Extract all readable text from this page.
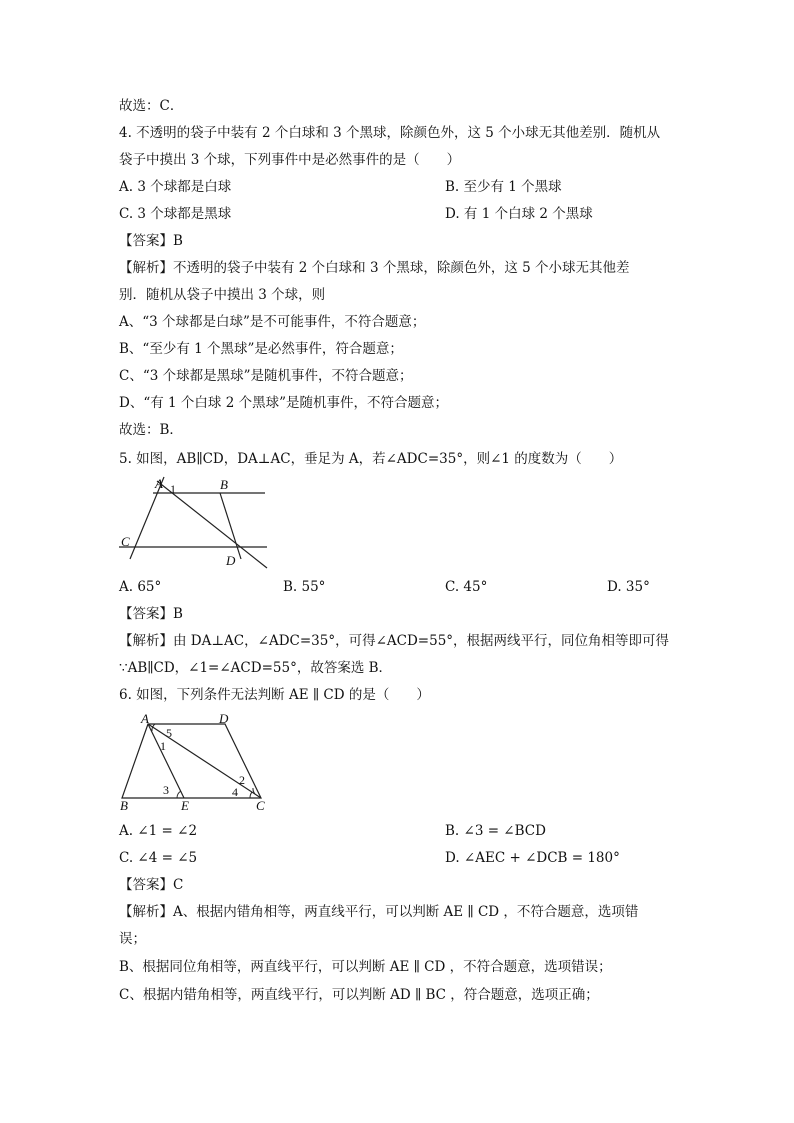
故选：C．
4. 不透明的袋子中装有 2 个白球和 3 个黑球，除颜色外，这 5 个小球无其他差别．随机从
袋子中摸出 3 个球，下列事件中是必然事件的是（　　）
A. 3 个球都是白球	B. 至少有 1 个黑球
C. 3 个球都是黑球	D. 有 1 个白球 2 个黑球
【答案】B
【解析】不透明的袋子中装有 2 个白球和 3 个黑球，除颜色外，这 5 个小球无其他差
别．随机从袋子中摸出 3 个球，则
A、“3 个球都是白球”是不可能事件，不符合题意；
B、“至少有 1 个黑球”是必然事件，符合题意；
C、“3 个球都是黑球”是随机事件，不符合题意；
D、“有 1 个白球 2 个黑球”是随机事件，不符合题意；
故选：B．
5. 如图，AB∥CD，DA⊥AC，垂足为 A，若∠ADC=35°，则∠1 的度数为（　　）
A 1	B
C
D
A. 65°	B. 55°	C. 45°	D. 35°
【答案】B
【解析】由 DA⊥AC，∠ADC=35°，可得∠ACD=55°，根据两线平行，同位角相等即可得
∵AB∥CD，∠1=∠ACD=55°，故答案选 B．
6. 如图，下列条件无法判断 AE ∥ CD 的是（　　）
A	D
B	E	C
5
1
2
3	4
A. ∠1 = ∠2	B. ∠3 = ∠BCD
C. ∠4 = ∠5	D. ∠AEC + ∠DCB = 180°
【答案】C
【解析】A、根据内错角相等，两直线平行，可以判断 AE ∥ CD ，不符合题意，选项错
误；
B、根据同位角相等，两直线平行，可以判断 AE ∥ CD ，不符合题意，选项错误；
C、根据内错角相等，两直线平行，可以判断 AD ∥ BC ，符合题意，选项正确；
